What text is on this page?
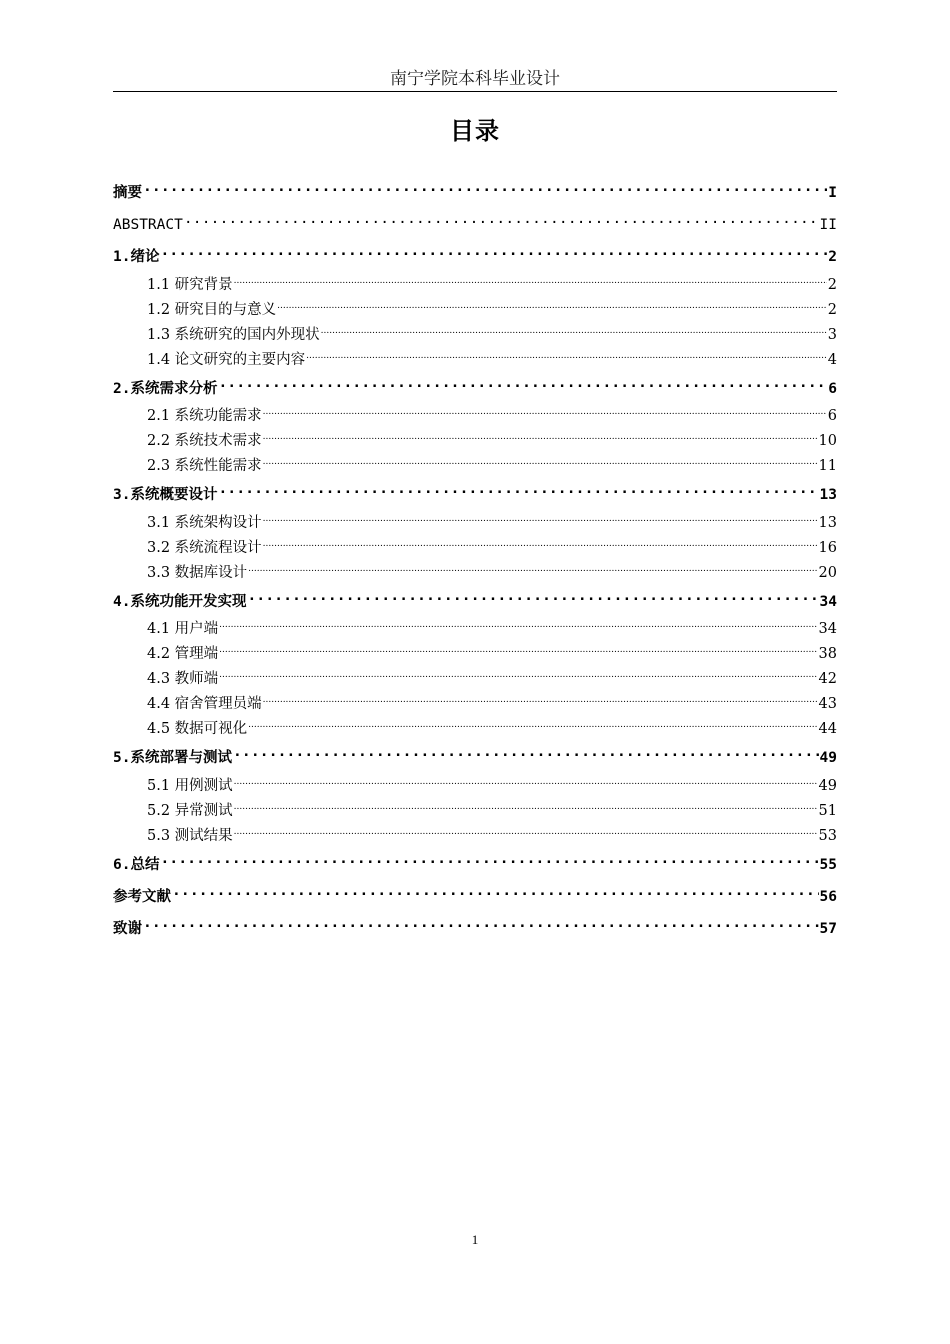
南宁学院本科毕业设计
目录
摘要 .....	I
ABSTRACT .....	II
1.绪论 .....	2
1.1 研究背景 .....	2
1.2 研究目的与意义 .....	2
1.3 系统研究的国内外现状 .....	3
1.4 论文研究的主要内容 .....	4
2.系统需求分析 .....	6
2.1 系统功能需求 .....	6
2.2 系统技术需求 .....	10
2.3 系统性能需求 .....	11
3.系统概要设计 .....	13
3.1 系统架构设计 .....	13
3.2 系统流程设计 .....	16
3.3 数据库设计 .....	20
4.系统功能开发实现 .....	34
4.1 用户端 .....	34
4.2 管理端 .....	38
4.3 教师端 .....	42
4.4 宿舍管理员端 .....	43
4.5 数据可视化 .....	44
5.系统部署与测试 .....	49
5.1 用例测试 .....	49
5.2 异常测试 .....	51
5.3 测试结果 .....	53
6.总结 .....	55
参考文献 .....	56
致谢 .....	57
1
